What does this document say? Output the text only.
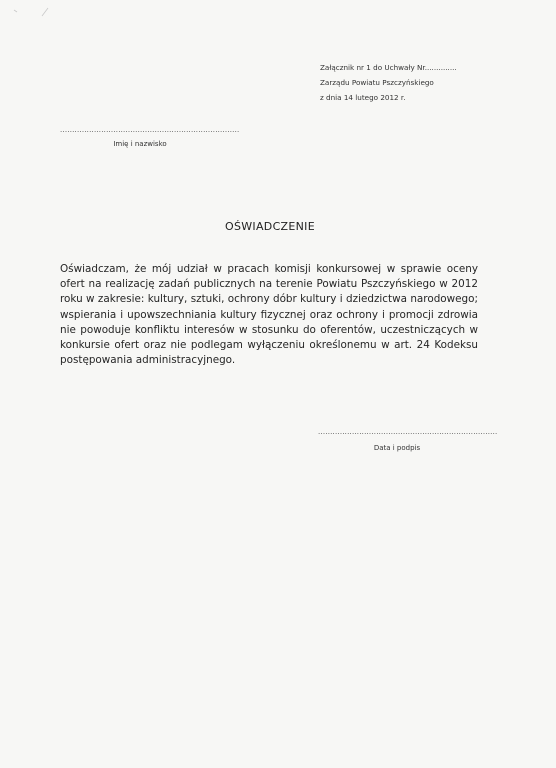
Załącznik nr 1 do Uchwały Nr..............
Zarządu Powiatu Pszczyńskiego
z dnia 14 lutego 2012 r.
..........................................................................
Imię i nazwisko
OŚWIADCZENIE

Oświadczam, że mój udział w pracach komisji konkursowej w sprawie oceny ofert na realizację zadań publicznych na terenie Powiatu Pszczyńskiego w 2012 roku w zakresie: kultury, sztuki, ochrony dóbr kultury i dziedzictwa narodowego; wspierania i upowszechniania kultury fizycznej oraz ochrony i promocji zdrowia nie powoduje konfliktu interesów w stosunku do oferentów, uczestniczących w konkursie ofert oraz nie podlegam wyłączeniu określonemu w art. 24 Kodeksu postępowania administracyjnego.

..........................................................................
Data i podpis
